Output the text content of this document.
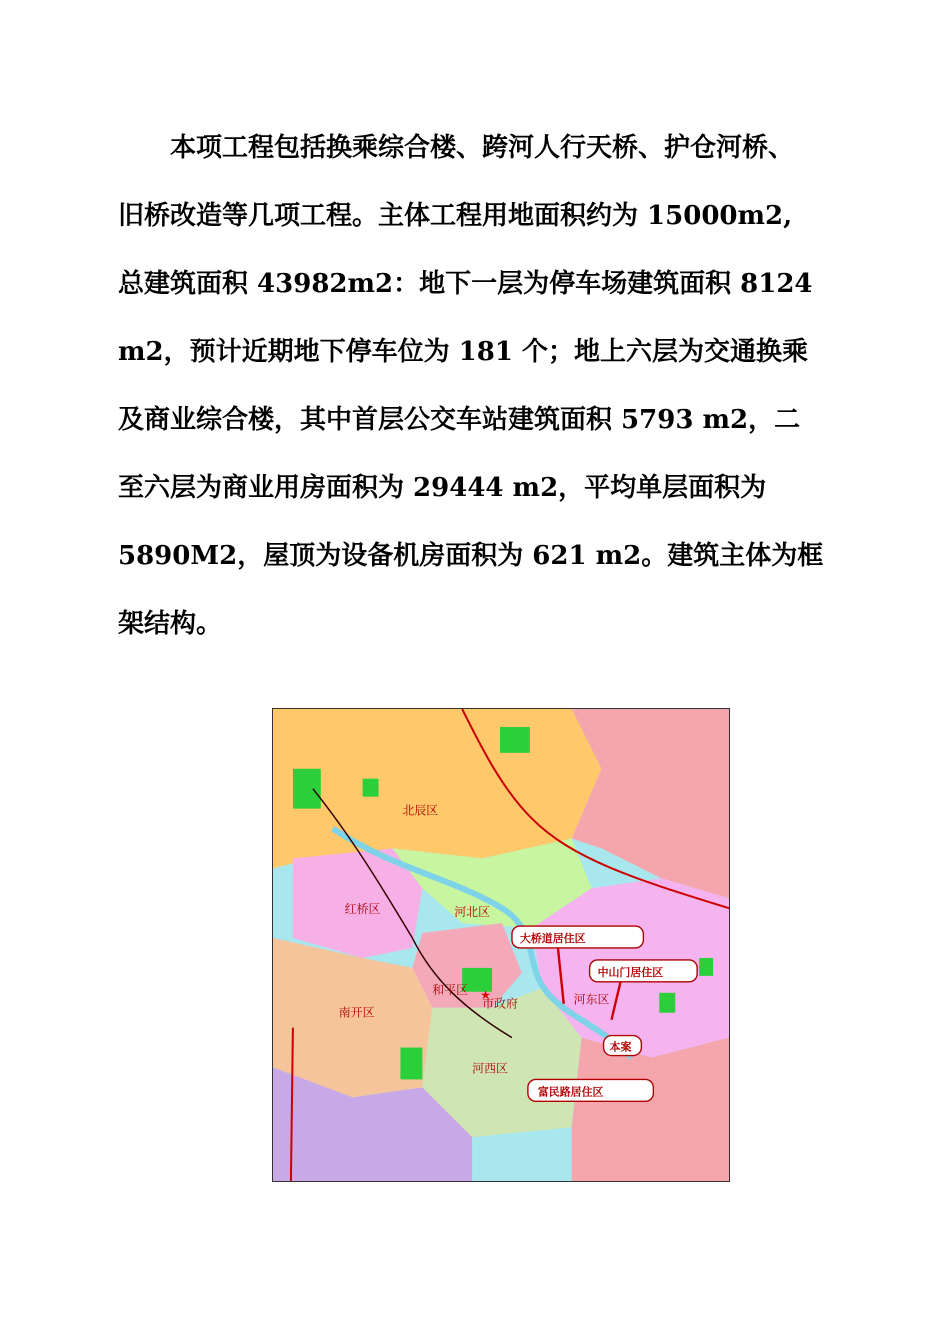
　　本项工程包括换乘综合楼、跨河人行天桥、护仓河桥、
旧桥改造等几项工程。主体工程用地面积约为 15000m2,
总建筑面积 43982m2：地下一层为停车场建筑面积 8124
m2，预计近期地下停车位为 181 个；地上六层为交通换乘
及商业综合楼，其中首层公交车站建筑面积 5793 m2，二
至六层为商业用房面积为 29444 m2，平均单层面积为
5890M2，屋顶为设备机房面积为 621 m2。建筑主体为框
架结构。
北辰区
红桥区	河北区
和平区
市政府
南开区
河东区
河西区
★
大桥道居住区
中山门居住区
本案
富民路居住区
